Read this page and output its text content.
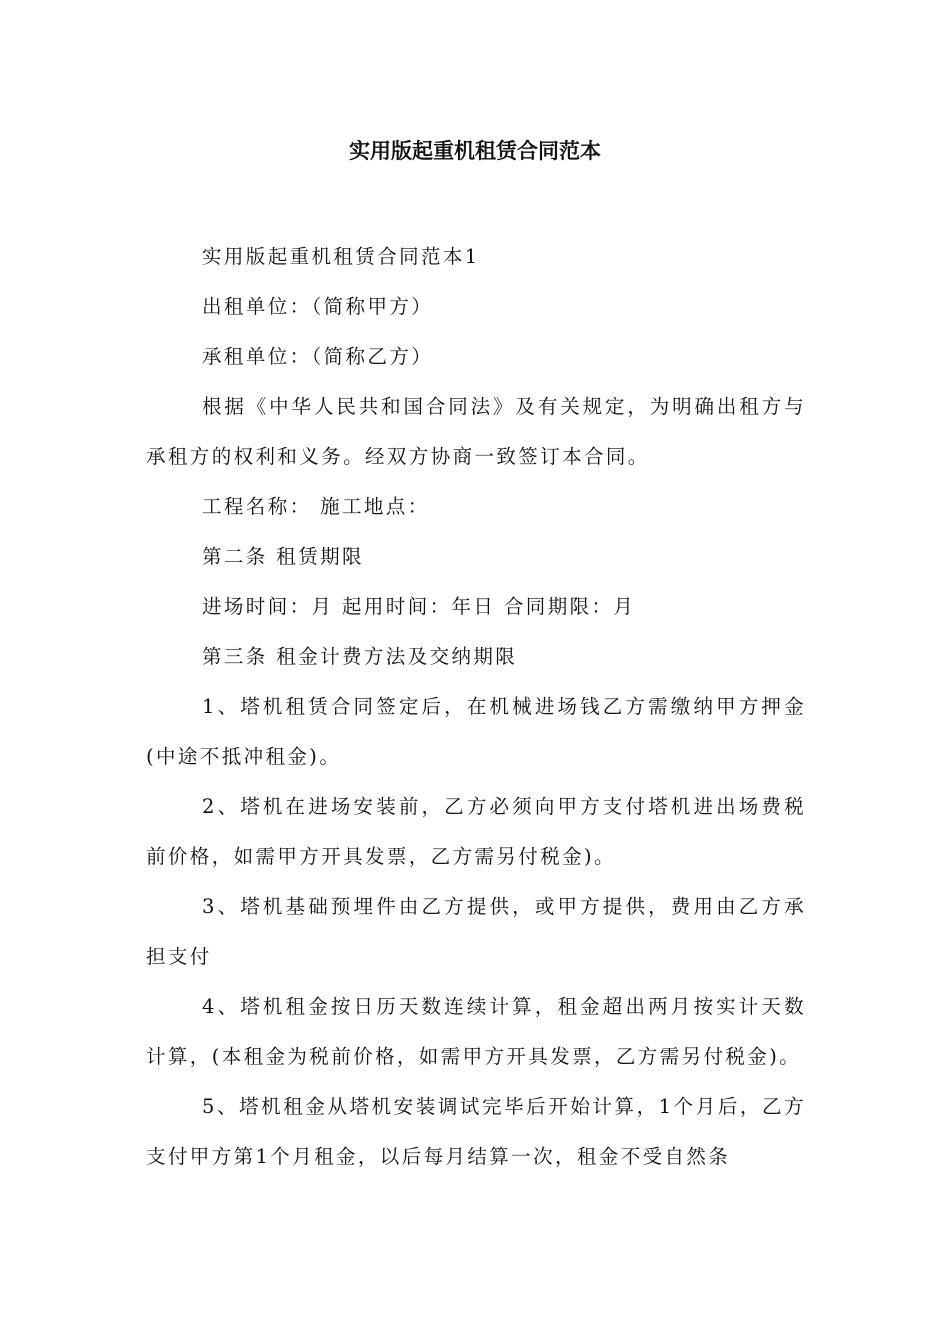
实用版起重机租赁合同范本

实用版起重机租赁合同范本1

出租单位：（简称甲方）

承租单位：（简称乙方）

根据《中华人民共和国合同法》及有关规定，为明确出租方与承租方的权利和义务。经双方协商一致签订本合同。

工程名称： 施工地点：

第二条 租赁期限

进场时间：月 起用时间：年日 合同期限：月

第三条 租金计费方法及交纳期限

1、塔机租赁合同签定后，在机械进场钱乙方需缴纳甲方押金(中途不抵冲租金)。

2、塔机在进场安装前，乙方必须向甲方支付塔机进出场费税前价格，如需甲方开具发票，乙方需另付税金)。

3、塔机基础预埋件由乙方提供，或甲方提供，费用由乙方承担支付

4、塔机租金按日历天数连续计算，租金超出两月按实计天数计算，(本租金为税前价格，如需甲方开具发票，乙方需另付税金)。

5、塔机租金从塔机安装调试完毕后开始计算，1个月后，乙方支付甲方第1个月租金，以后每月结算一次，租金不受自然条
